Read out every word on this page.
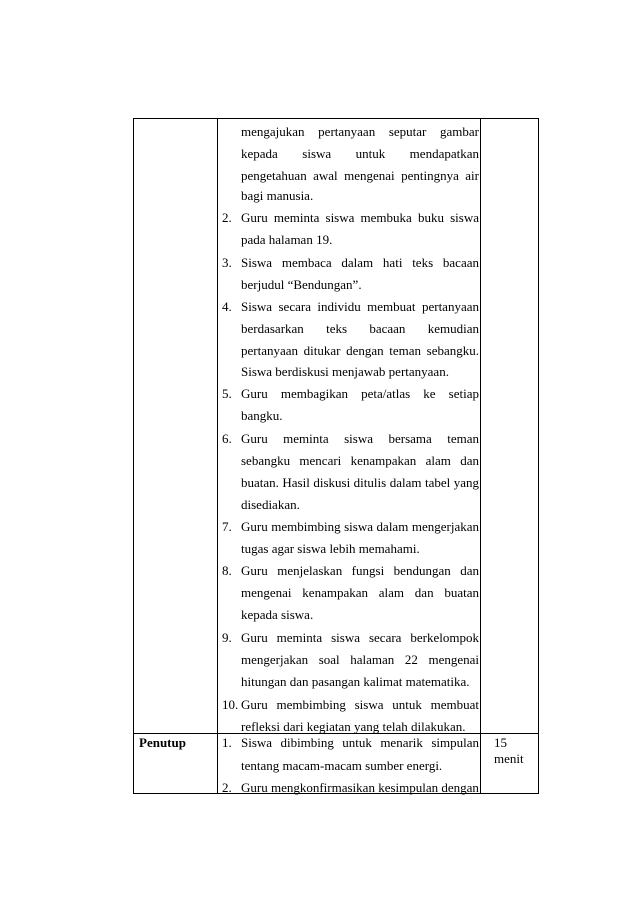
mengajukan pertanyaan seputar gambar
kepada siswa untuk mendapatkan
pengetahuan awal mengenai pentingnya air
bagi manusia.
2. Guru meminta siswa membuka buku siswa
pada halaman 19.
3. Siswa membaca dalam hati teks bacaan
berjudul “Bendungan”.
4. Siswa secara individu membuat pertanyaan
berdasarkan teks bacaan kemudian
pertanyaan ditukar dengan teman sebangku.
Siswa berdiskusi menjawab pertanyaan.
5. Guru membagikan peta/atlas ke setiap
bangku.
6. Guru meminta siswa bersama teman
sebangku mencari kenampakan alam dan
buatan. Hasil diskusi ditulis dalam tabel yang
disediakan.
7. Guru membimbing siswa dalam mengerjakan
tugas agar siswa lebih memahami.
8. Guru menjelaskan fungsi bendungan dan
mengenai kenampakan alam dan buatan
kepada siswa.
9. Guru meminta siswa secara berkelompok
mengerjakan soal halaman 22 mengenai
hitungan dan pasangan kalimat matematika.
10. Guru membimbing siswa untuk membuat
refleksi dari kegiatan yang telah dilakukan.
Penutup	15
menit
1. Siswa dibimbing untuk menarik simpulan
tentang macam-macam sumber energi.
2. Guru mengkonfirmasikan kesimpulan dengan
